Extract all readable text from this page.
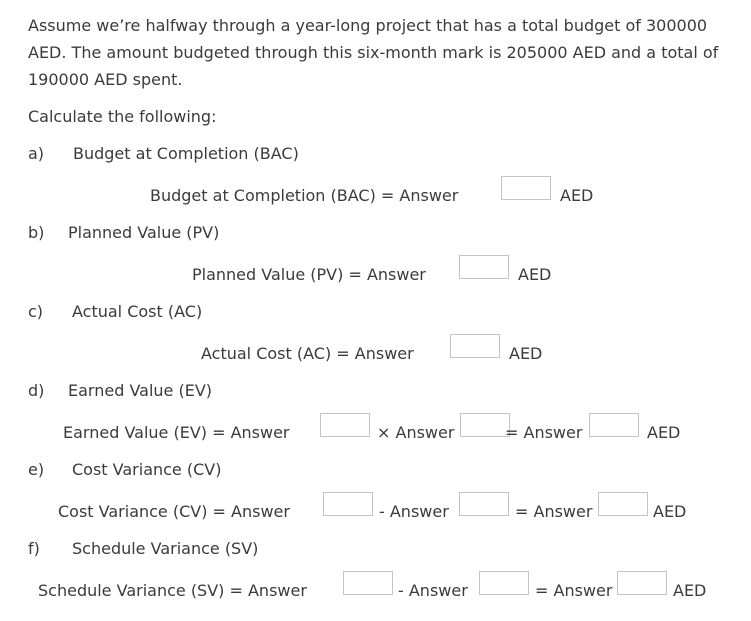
Assume we’re halfway through a year-long project that has a total budget of 300000 AED. The amount budgeted through this six-month mark is 205000 AED and a total of 190000 AED spent.

Calculate the following:
a) Budget at Completion (BAC)
Budget at Completion (BAC) = Answer	AED
b) Planned Value (PV)
Planned Value (PV) = Answer	AED
c) Actual Cost (AC)
Actual Cost (AC) = Answer	AED
d) Earned Value (EV)
Earned Value (EV) = Answer	× Answer	= Answer	AED
e) Cost Variance (CV)
Cost Variance (CV) = Answer	- Answer	= Answer	AED
f) Schedule Variance (SV)
Schedule Variance (SV) = Answer	- Answer	= Answer	AED
